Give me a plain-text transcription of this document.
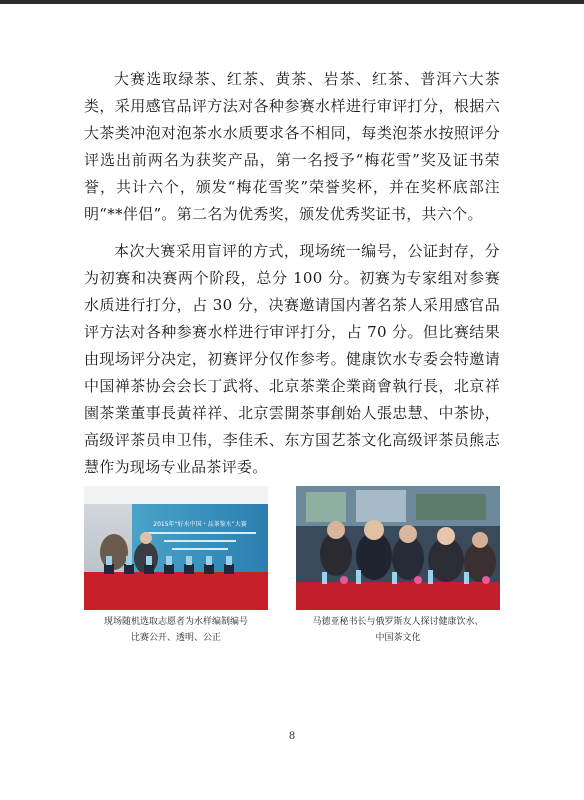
大赛选取绿茶、红茶、黄茶、岩茶、红茶、普洱六大茶类，采用感官品评方法对各种参赛水样进行审评打分，根据六大茶类冲泡对泡茶水水质要求各不相同，每类泡茶水按照评分评选出前两名为获奖产品，第一名授予“梅花雪”奖及证书荣誉，共计六个，颁发“梅花雪奖”荣誉奖杯，并在奖杯底部注明“**伴侣”。第二名为优秀奖，颁发优秀奖证书，共六个。

本次大赛采用盲评的方式，现场统一编号，公证封存，分为初赛和决赛两个阶段，总分 100 分。初赛为专家组对参赛水质进行打分，占 30 分，决赛邀请国内著名茶人采用感官品评方法对各种参赛水样进行审评打分，占 70 分。但比赛结果由现场评分决定，初赛评分仅作参考。健康饮水专委会特邀请中国禅茶协会会长丁武将、北京茶業企業商會執行長，北京祥園茶業董事長黃祥祥、北京雲開茶事創始人張忠慧、中茶协，高级评茶员申卫伟，李佳禾、东方国艺茶文化高级评茶员熊志慧作为现场专业品茶评委。

2015年“好水中国・品茶鉴水”大赛
现场随机选取志愿者为水样编制编号
比赛公开、透明、公正
马德亚秘书长与俄罗斯友人探讨健康饮水、
中国茶文化
8
